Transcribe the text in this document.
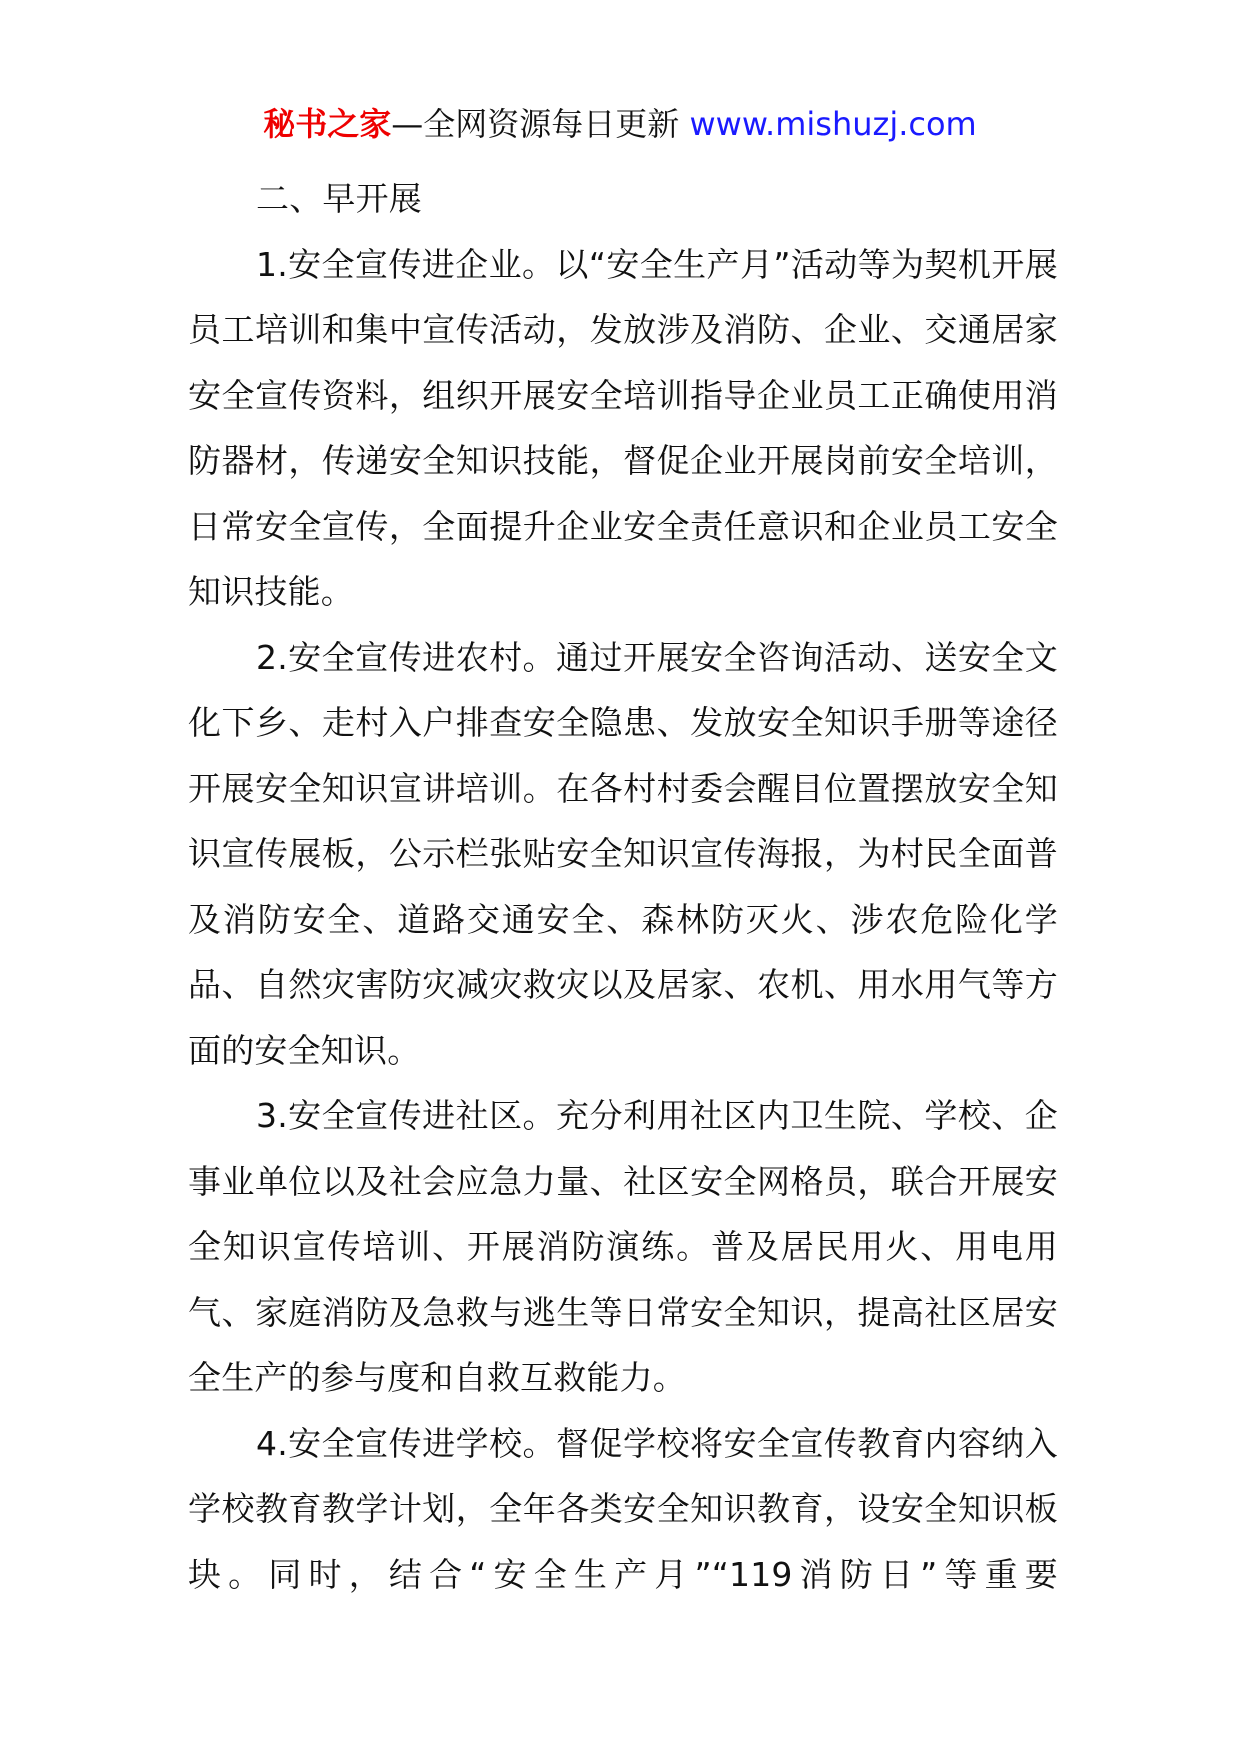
秘书之家—全网资源每日更新 www.mishuzj.com

二、早开展

1.安全宣传进企业。以“安全生产月”活动等为契机开展员工培训和集中宣传活动，发放涉及消防、企业、交通居家安全宣传资料，组织开展安全培训指导企业员工正确使用消防器材，传递安全知识技能，督促企业开展岗前安全培训，日常安全宣传，全面提升企业安全责任意识和企业员工安全知识技能。

2.安全宣传进农村。通过开展安全咨询活动、送安全文化下乡、走村入户排查安全隐患、发放安全知识手册等途径开展安全知识宣讲培训。在各村村委会醒目位置摆放安全知识宣传展板，公示栏张贴安全知识宣传海报，为村民全面普及消防安全、道路交通安全、森林防灭火、涉农危险化学品、自然灾害防灾减灾救灾以及居家、农机、用水用气等方面的安全知识。

3.安全宣传进社区。充分利用社区内卫生院、学校、企事业单位以及社会应急力量、社区安全网格员，联合开展安全知识宣传培训、开展消防演练。普及居民用火、用电用气、家庭消防及急救与逃生等日常安全知识，提高社区居安全生产的参与度和自救互救能力。

4.安全宣传进学校。督促学校将安全宣传教育内容纳入学校教育教学计划，全年各类安全知识教育，设安全知识板块。同时，结合“安全生产月”“119消防日”等重要
